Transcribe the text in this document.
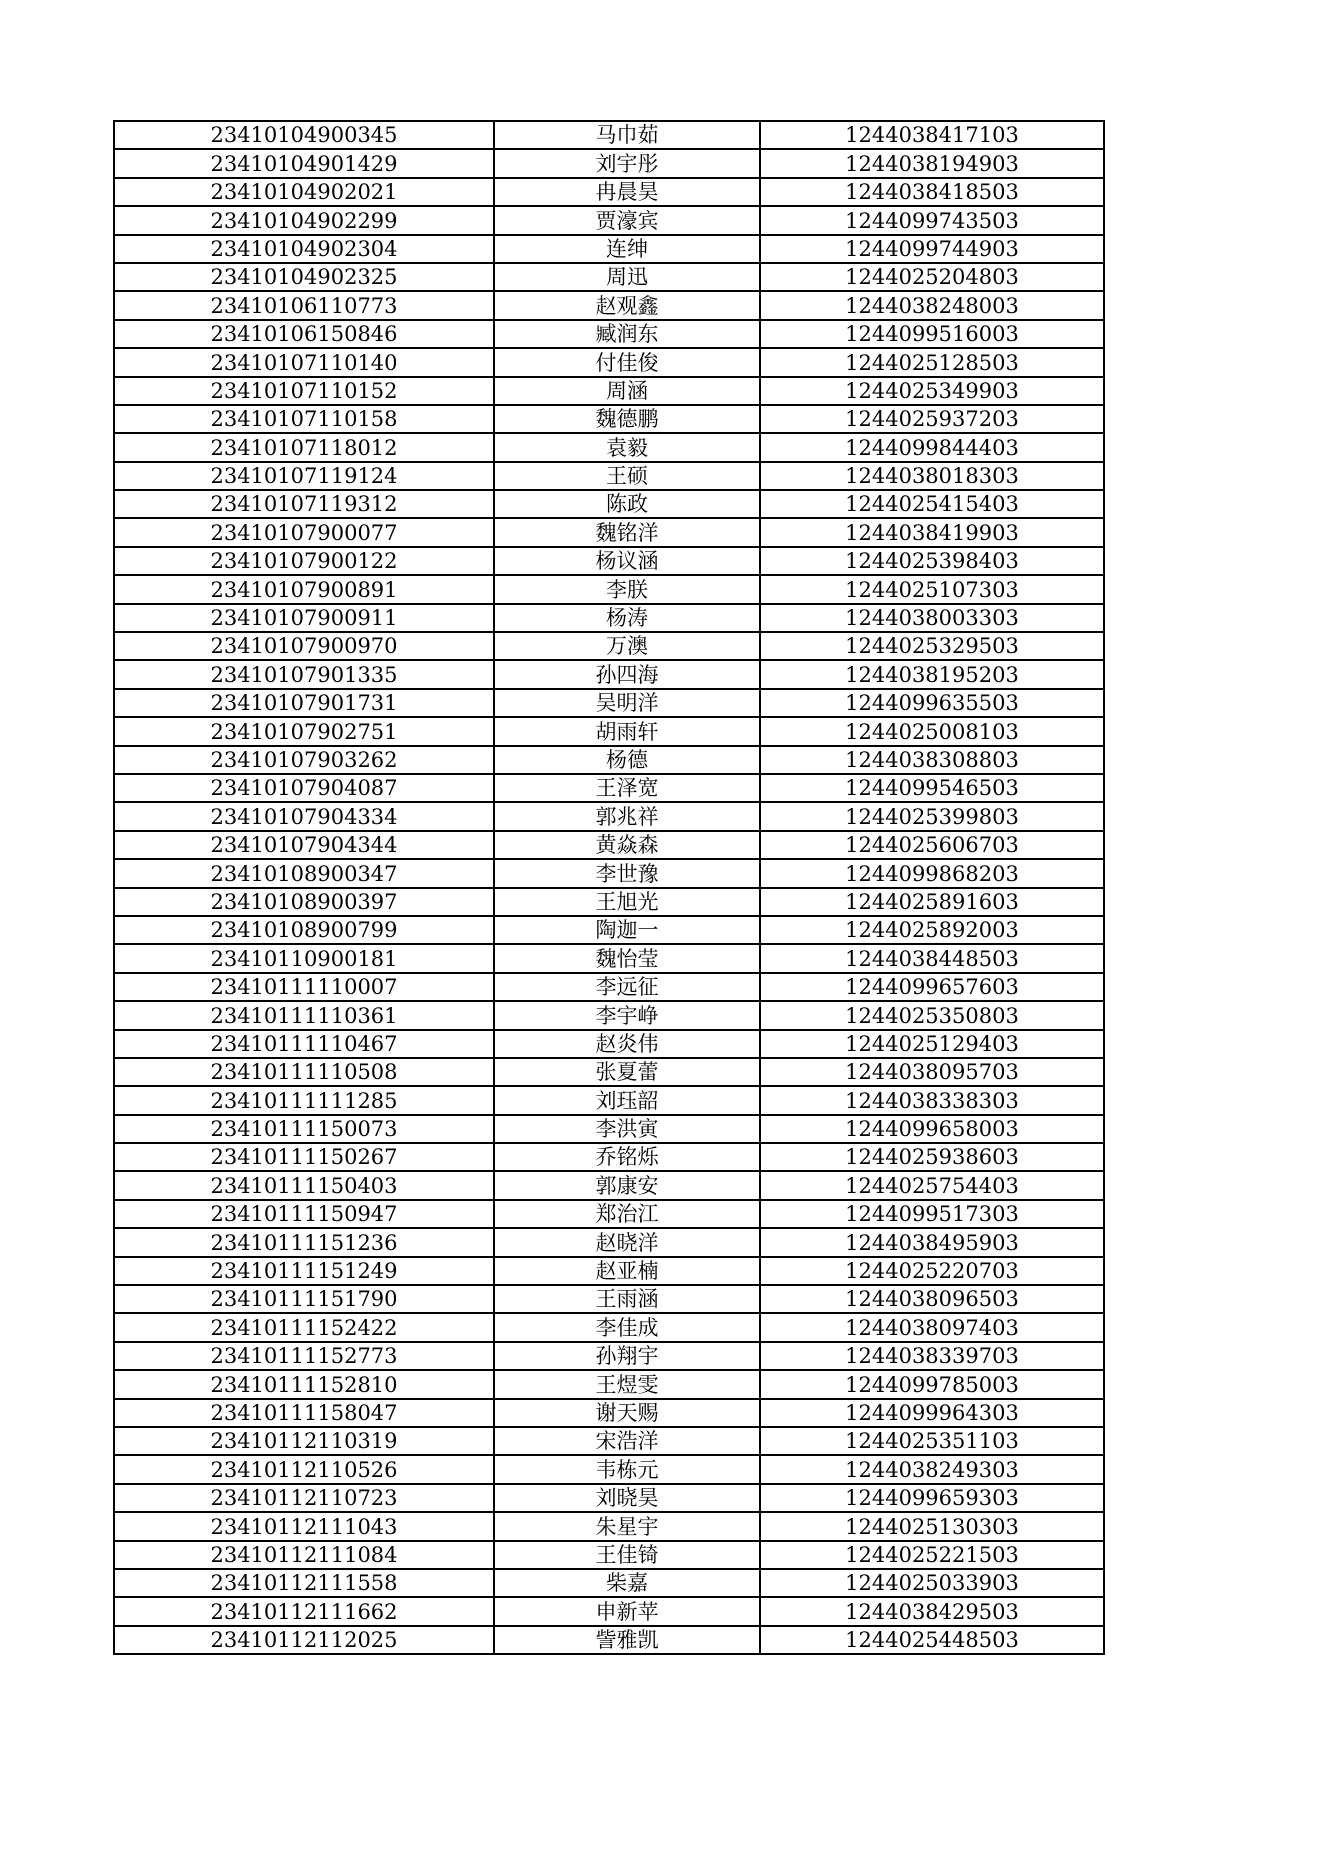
23410104900345	马巾茹	1244038417103
23410104901429	刘宇彤	1244038194903
23410104902021	冉晨昊	1244038418503
23410104902299	贾濠宾	1244099743503
23410104902304	连绅	1244099744903
23410104902325	周迅	1244025204803
23410106110773	赵观鑫	1244038248003
23410106150846	臧润东	1244099516003
23410107110140	付佳俊	1244025128503
23410107110152	周涵	1244025349903
23410107110158	魏德鹏	1244025937203
23410107118012	袁毅	1244099844403
23410107119124	王硕	1244038018303
23410107119312	陈政	1244025415403
23410107900077	魏铭洋	1244038419903
23410107900122	杨议涵	1244025398403
23410107900891	李朕	1244025107303
23410107900911	杨涛	1244038003303
23410107900970	万澳	1244025329503
23410107901335	孙四海	1244038195203
23410107901731	吴明洋	1244099635503
23410107902751	胡雨轩	1244025008103
23410107903262	杨德	1244038308803
23410107904087	王泽宽	1244099546503
23410107904334	郭兆祥	1244025399803
23410107904344	黄焱森	1244025606703
23410108900347	李世豫	1244099868203
23410108900397	王旭光	1244025891603
23410108900799	陶迦一	1244025892003
23410110900181	魏怡莹	1244038448503
23410111110007	李远征	1244099657603
23410111110361	李宇峥	1244025350803
23410111110467	赵炎伟	1244025129403
23410111110508	张夏蕾	1244038095703
23410111111285	刘珏韶	1244038338303
23410111150073	李洪寅	1244099658003
23410111150267	乔铭烁	1244025938603
23410111150403	郭康安	1244025754403
23410111150947	郑治江	1244099517303
23410111151236	赵晓洋	1244038495903
23410111151249	赵亚楠	1244025220703
23410111151790	王雨涵	1244038096503
23410111152422	李佳成	1244038097403
23410111152773	孙翔宇	1244038339703
23410111152810	王煜雯	1244099785003
23410111158047	谢天赐	1244099964303
23410112110319	宋浩洋	1244025351103
23410112110526	韦栋元	1244038249303
23410112110723	刘晓昊	1244099659303
23410112111043	朱星宇	1244025130303
23410112111084	王佳锜	1244025221503
23410112111558	柴嘉	1244025033903
23410112111662	申新苹	1244038429503
23410112112025	訾雅凯	1244025448503
